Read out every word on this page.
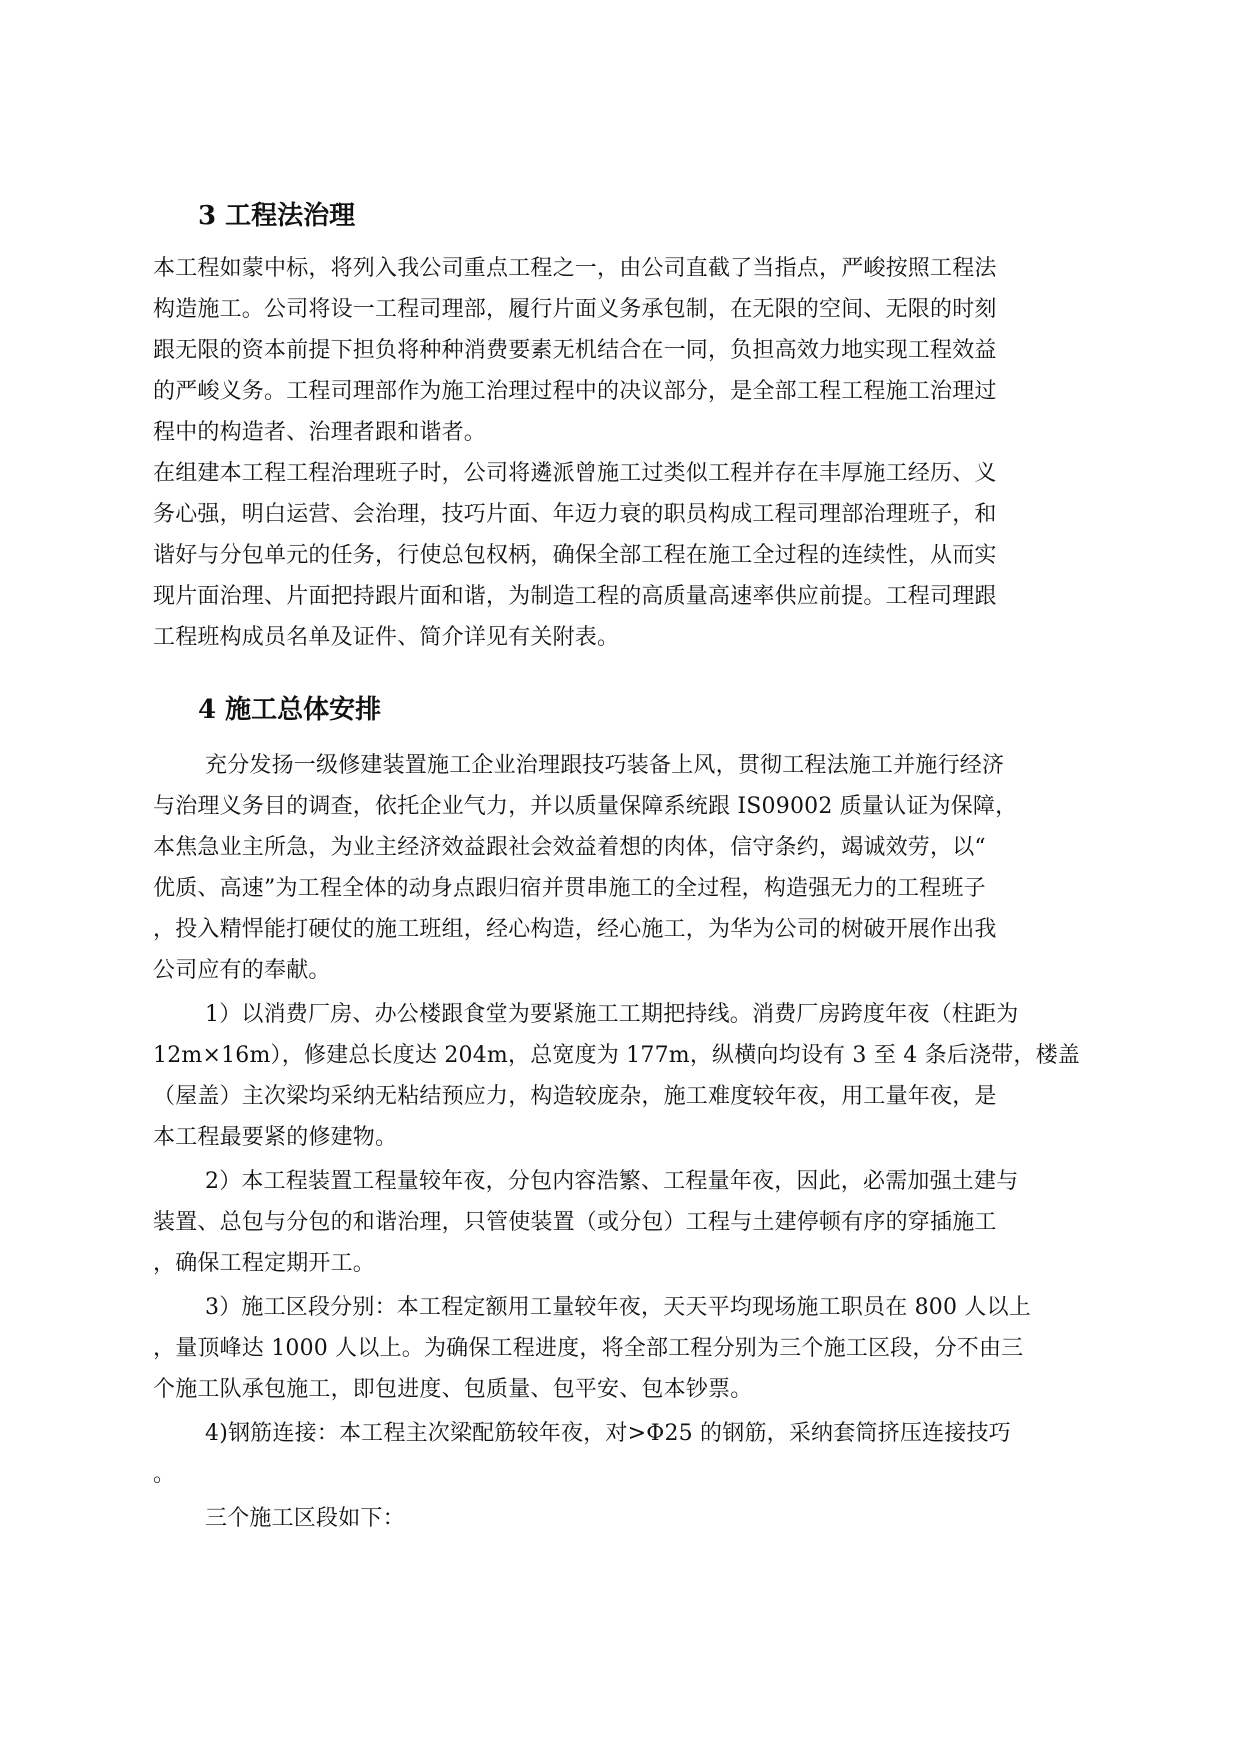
3 工程法治理
本工程如蒙中标，将列入我公司重点工程之一，由公司直截了当指点，严峻按照工程法
构造施工。公司将设一工程司理部，履行片面义务承包制，在无限的空间、无限的时刻
跟无限的资本前提下担负将种种消费要素无机结合在一同，负担高效力地实现工程效益
的严峻义务。工程司理部作为施工治理过程中的决议部分，是全部工程工程施工治理过
程中的构造者、治理者跟和谐者。
在组建本工程工程治理班子时，公司将遴派曾施工过类似工程并存在丰厚施工经历、义
务心强，明白运营、会治理，技巧片面、年迈力衰的职员构成工程司理部治理班子，和
谐好与分包单元的任务，行使总包权柄，确保全部工程在施工全过程的连续性，从而实
现片面治理、片面把持跟片面和谐，为制造工程的高质量高速率供应前提。工程司理跟
工程班构成员名单及证件、简介详见有关附表。
4 施工总体安排
充分发扬一级修建装置施工企业治理跟技巧装备上风，贯彻工程法施工并施行经济
与治理义务目的调查，依托企业气力，并以质量保障系统跟 IS09002 质量认证为保障，
本焦急业主所急，为业主经济效益跟社会效益着想的肉体，信守条约，竭诚效劳，以“
优质、高速”为工程全体的动身点跟归宿并贯串施工的全过程，构造强无力的工程班子
，投入精悍能打硬仗的施工班组，经心构造，经心施工，为华为公司的树破开展作出我
公司应有的奉献。
1）以消费厂房、办公楼跟食堂为要紧施工工期把持线。消费厂房跨度年夜（柱距为
12m×16m），修建总长度达 204m，总宽度为 177m，纵横向均设有 3 至 4 条后浇带，楼盖
（屋盖）主次梁均采纳无粘结预应力，构造较庞杂，施工难度较年夜，用工量年夜，是
本工程最要紧的修建物。
2）本工程装置工程量较年夜，分包内容浩繁、工程量年夜，因此，必需加强土建与
装置、总包与分包的和谐治理，只管使装置（或分包）工程与土建停顿有序的穿插施工
，确保工程定期开工。
3）施工区段分别：本工程定额用工量较年夜，天天平均现场施工职员在 800 人以上
，量顶峰达 1000 人以上。为确保工程进度，将全部工程分别为三个施工区段，分不由三
个施工队承包施工，即包进度、包质量、包平安、包本钞票。
4)钢筋连接：本工程主次梁配筋较年夜，对>Φ25 的钢筋，采纳套筒挤压连接技巧
。
三个施工区段如下：
